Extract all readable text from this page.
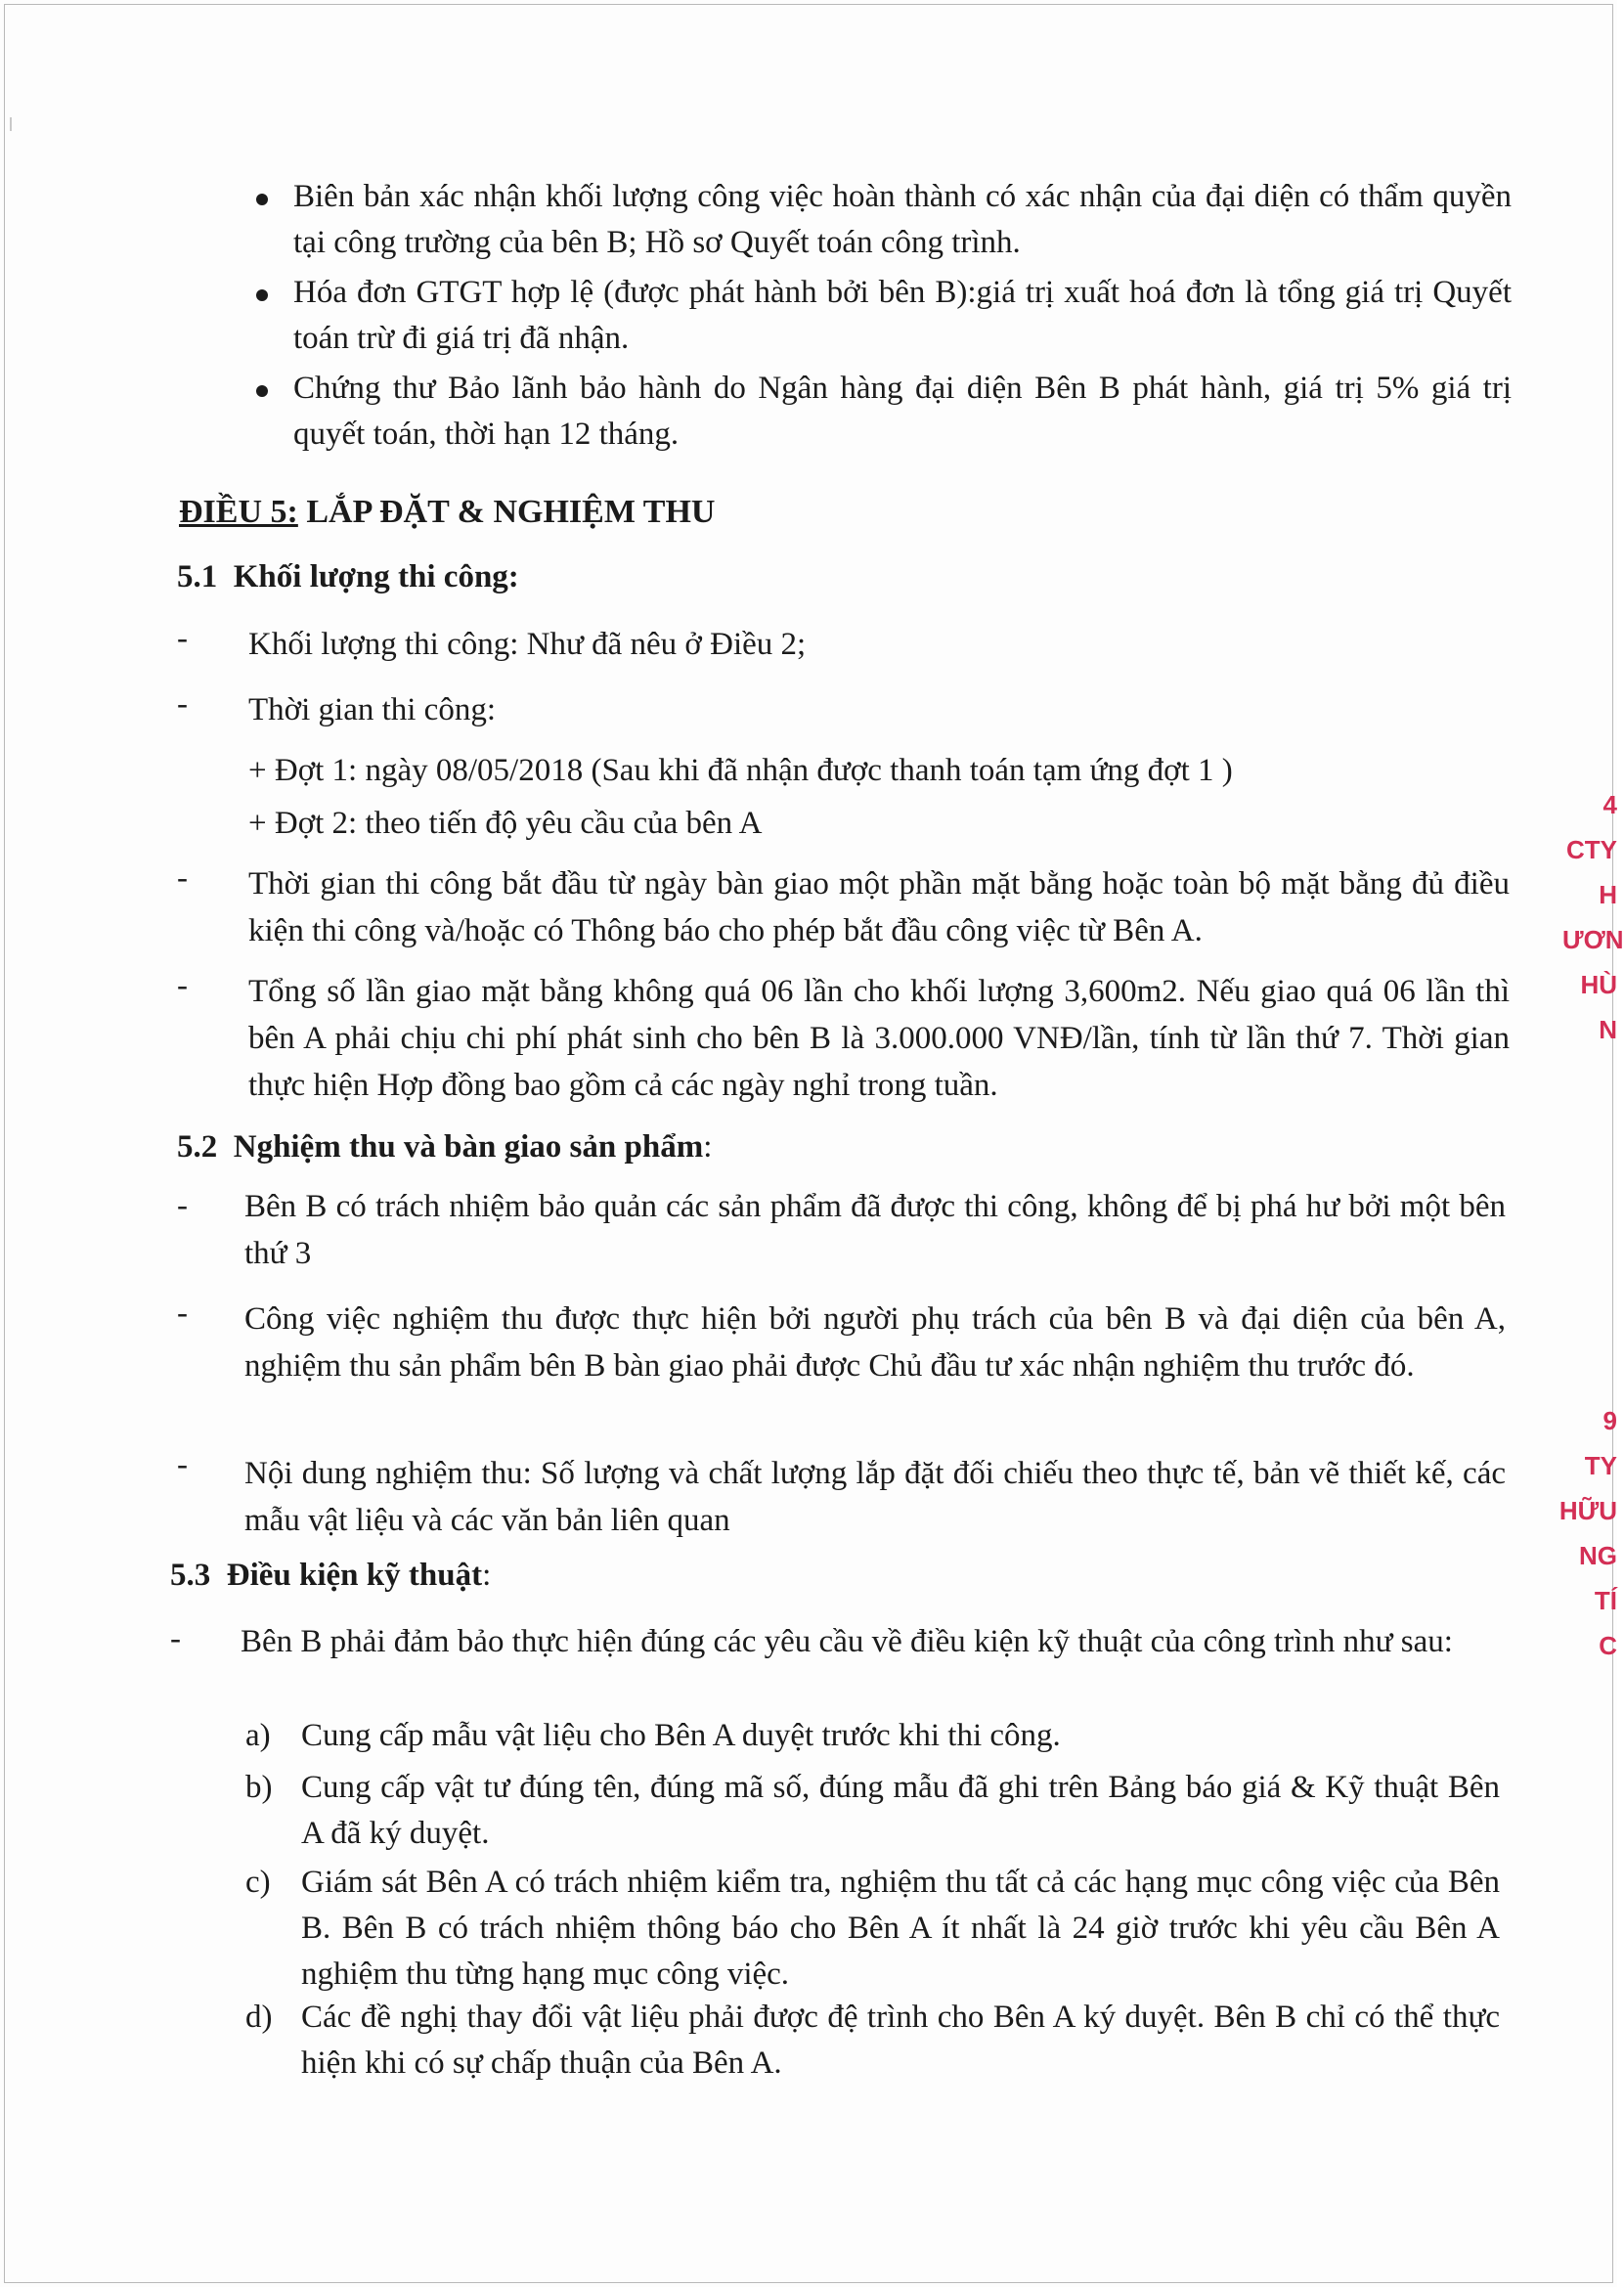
Biên bản xác nhận khối lượng công việc hoàn thành có xác nhận của đại diện có thẩm quyền tại công trường của bên B; Hồ sơ Quyết toán công trình.
Hóa đơn GTGT hợp lệ (được phát hành bởi bên B):giá trị xuất hoá đơn là tổng giá trị Quyết toán trừ đi giá trị đã nhận.
Chứng thư Bảo lãnh bảo hành do Ngân hàng đại diện Bên B phát hành, giá trị 5% giá trị quyết toán, thời hạn 12 tháng.
ĐIỀU 5: LẮP ĐẶT & NGHIỆM THU
5.1 Khối lượng thi công:
- Khối lượng thi công: Như đã nêu ở Điều 2;
- Thời gian thi công:
+ Đợt 1: ngày 08/05/2018 (Sau khi đã nhận được thanh toán tạm ứng đợt 1 )
+ Đợt 2: theo tiến độ yêu cầu của bên A
- Thời gian thi công bắt đầu từ ngày bàn giao một phần mặt bằng hoặc toàn bộ mặt bằng đủ điều kiện thi công và/hoặc có Thông báo cho phép bắt đầu công việc từ Bên A.
- Tổng số lần giao mặt bằng không quá 06 lần cho khối lượng 3,600m2. Nếu giao quá 06 lần thì bên A phải chịu chi phí phát sinh cho bên B là 3.000.000 VNĐ/lần, tính từ lần thứ 7. Thời gian thực hiện Hợp đồng bao gồm cả các ngày nghỉ trong tuần.
5.2 Nghiệm thu và bàn giao sản phẩm:
- Bên B có trách nhiệm bảo quản các sản phẩm đã được thi công, không để bị phá hư bởi một bên thứ 3
- Công việc nghiệm thu được thực hiện bởi người phụ trách của bên B và đại diện của bên A, nghiệm thu sản phẩm bên B bàn giao phải được Chủ đầu tư xác nhận nghiệm thu trước đó.
- Nội dung nghiệm thu: Số lượng và chất lượng lắp đặt đối chiếu theo thực tế, bản vẽ thiết kế, các mẫu vật liệu và các văn bản liên quan
5.3 Điều kiện kỹ thuật:
- Bên B phải đảm bảo thực hiện đúng các yêu cầu về điều kiện kỹ thuật của công trình như sau:
a) Cung cấp mẫu vật liệu cho Bên A duyệt trước khi thi công.
b) Cung cấp vật tư đúng tên, đúng mã số, đúng mẫu đã ghi trên Bảng báo giá & Kỹ thuật Bên A đã ký duyệt.
c) Giám sát Bên A có trách nhiệm kiểm tra, nghiệm thu tất cả các hạng mục công việc của Bên B. Bên B có trách nhiệm thông báo cho Bên A ít nhất là 24 giờ trước khi yêu cầu Bên A nghiệm thu từng hạng mục công việc.
d) Các đề nghị thay đổi vật liệu phải được đệ trình cho Bên A ký duyệt. Bên B chỉ có thể thực hiện khi có sự chấp thuận của Bên A.
4
CTY
H
ƯƠN
HÙ
N
9
TY
HỮU
NG
TÍ
C
